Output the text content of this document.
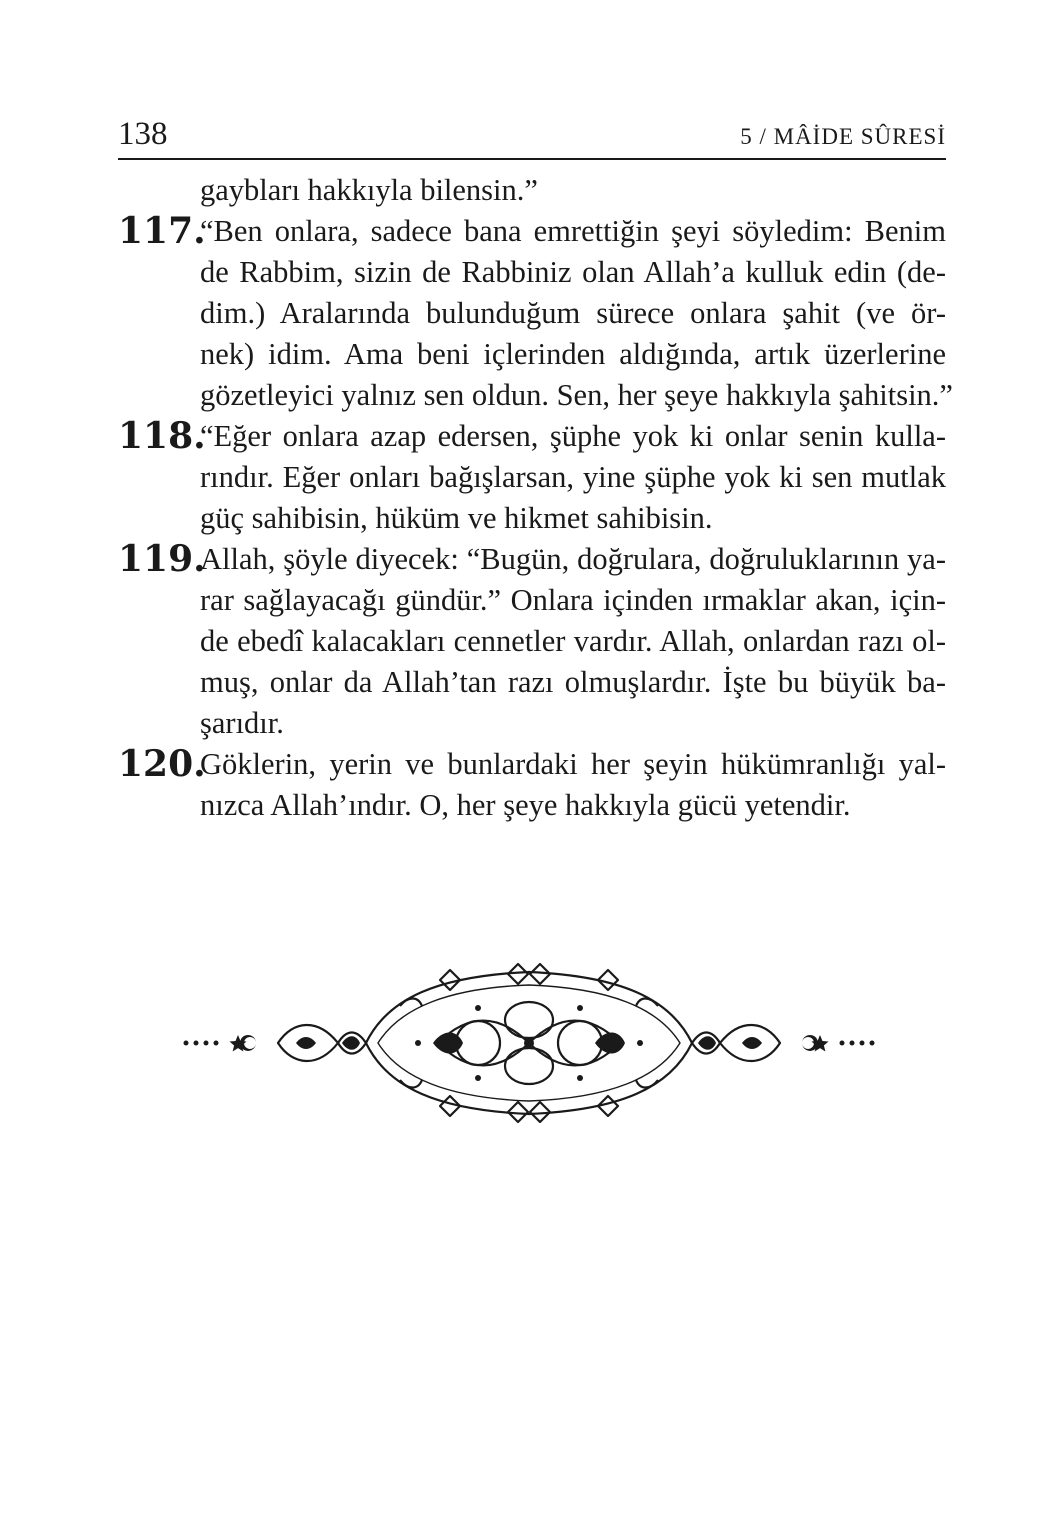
138	5 / MÂİDE SÛRESİ
gaybları hakkıyla bilensin.”
117.
“Ben onlara, sadece bana emrettiğin şeyi söyledim: Benim
de Rabbim, sizin de Rabbiniz olan Allah’a kulluk edin (de-
dim.) Aralarında bulunduğum sürece onlara şahit (ve ör-
nek) idim. Ama beni içlerinden aldığında, artık üzerlerine
gözetleyici yalnız sen oldun. Sen, her şeye hakkıyla şahitsin.”
118.
“Eğer onlara azap edersen, şüphe yok ki onlar senin kulla-
rındır. Eğer onları bağışlarsan, yine şüphe yok ki sen mutlak
güç sahibisin, hüküm ve hikmet sahibisin.
119.
Allah, şöyle diyecek: “Bugün, doğrulara, doğruluklarının ya-
rar sağlayacağı gündür.” Onlara içinden ırmaklar akan, için-
de ebedî kalacakları cennetler vardır. Allah, onlardan razı ol-
muş, onlar da Allah’tan razı olmuşlardır. İşte bu büyük ba-
şarıdır.
120.
Göklerin, yerin ve bunlardaki her şeyin hükümranlığı yal-
nızca Allah’ındır. O, her şeye hakkıyla gücü yetendir.
